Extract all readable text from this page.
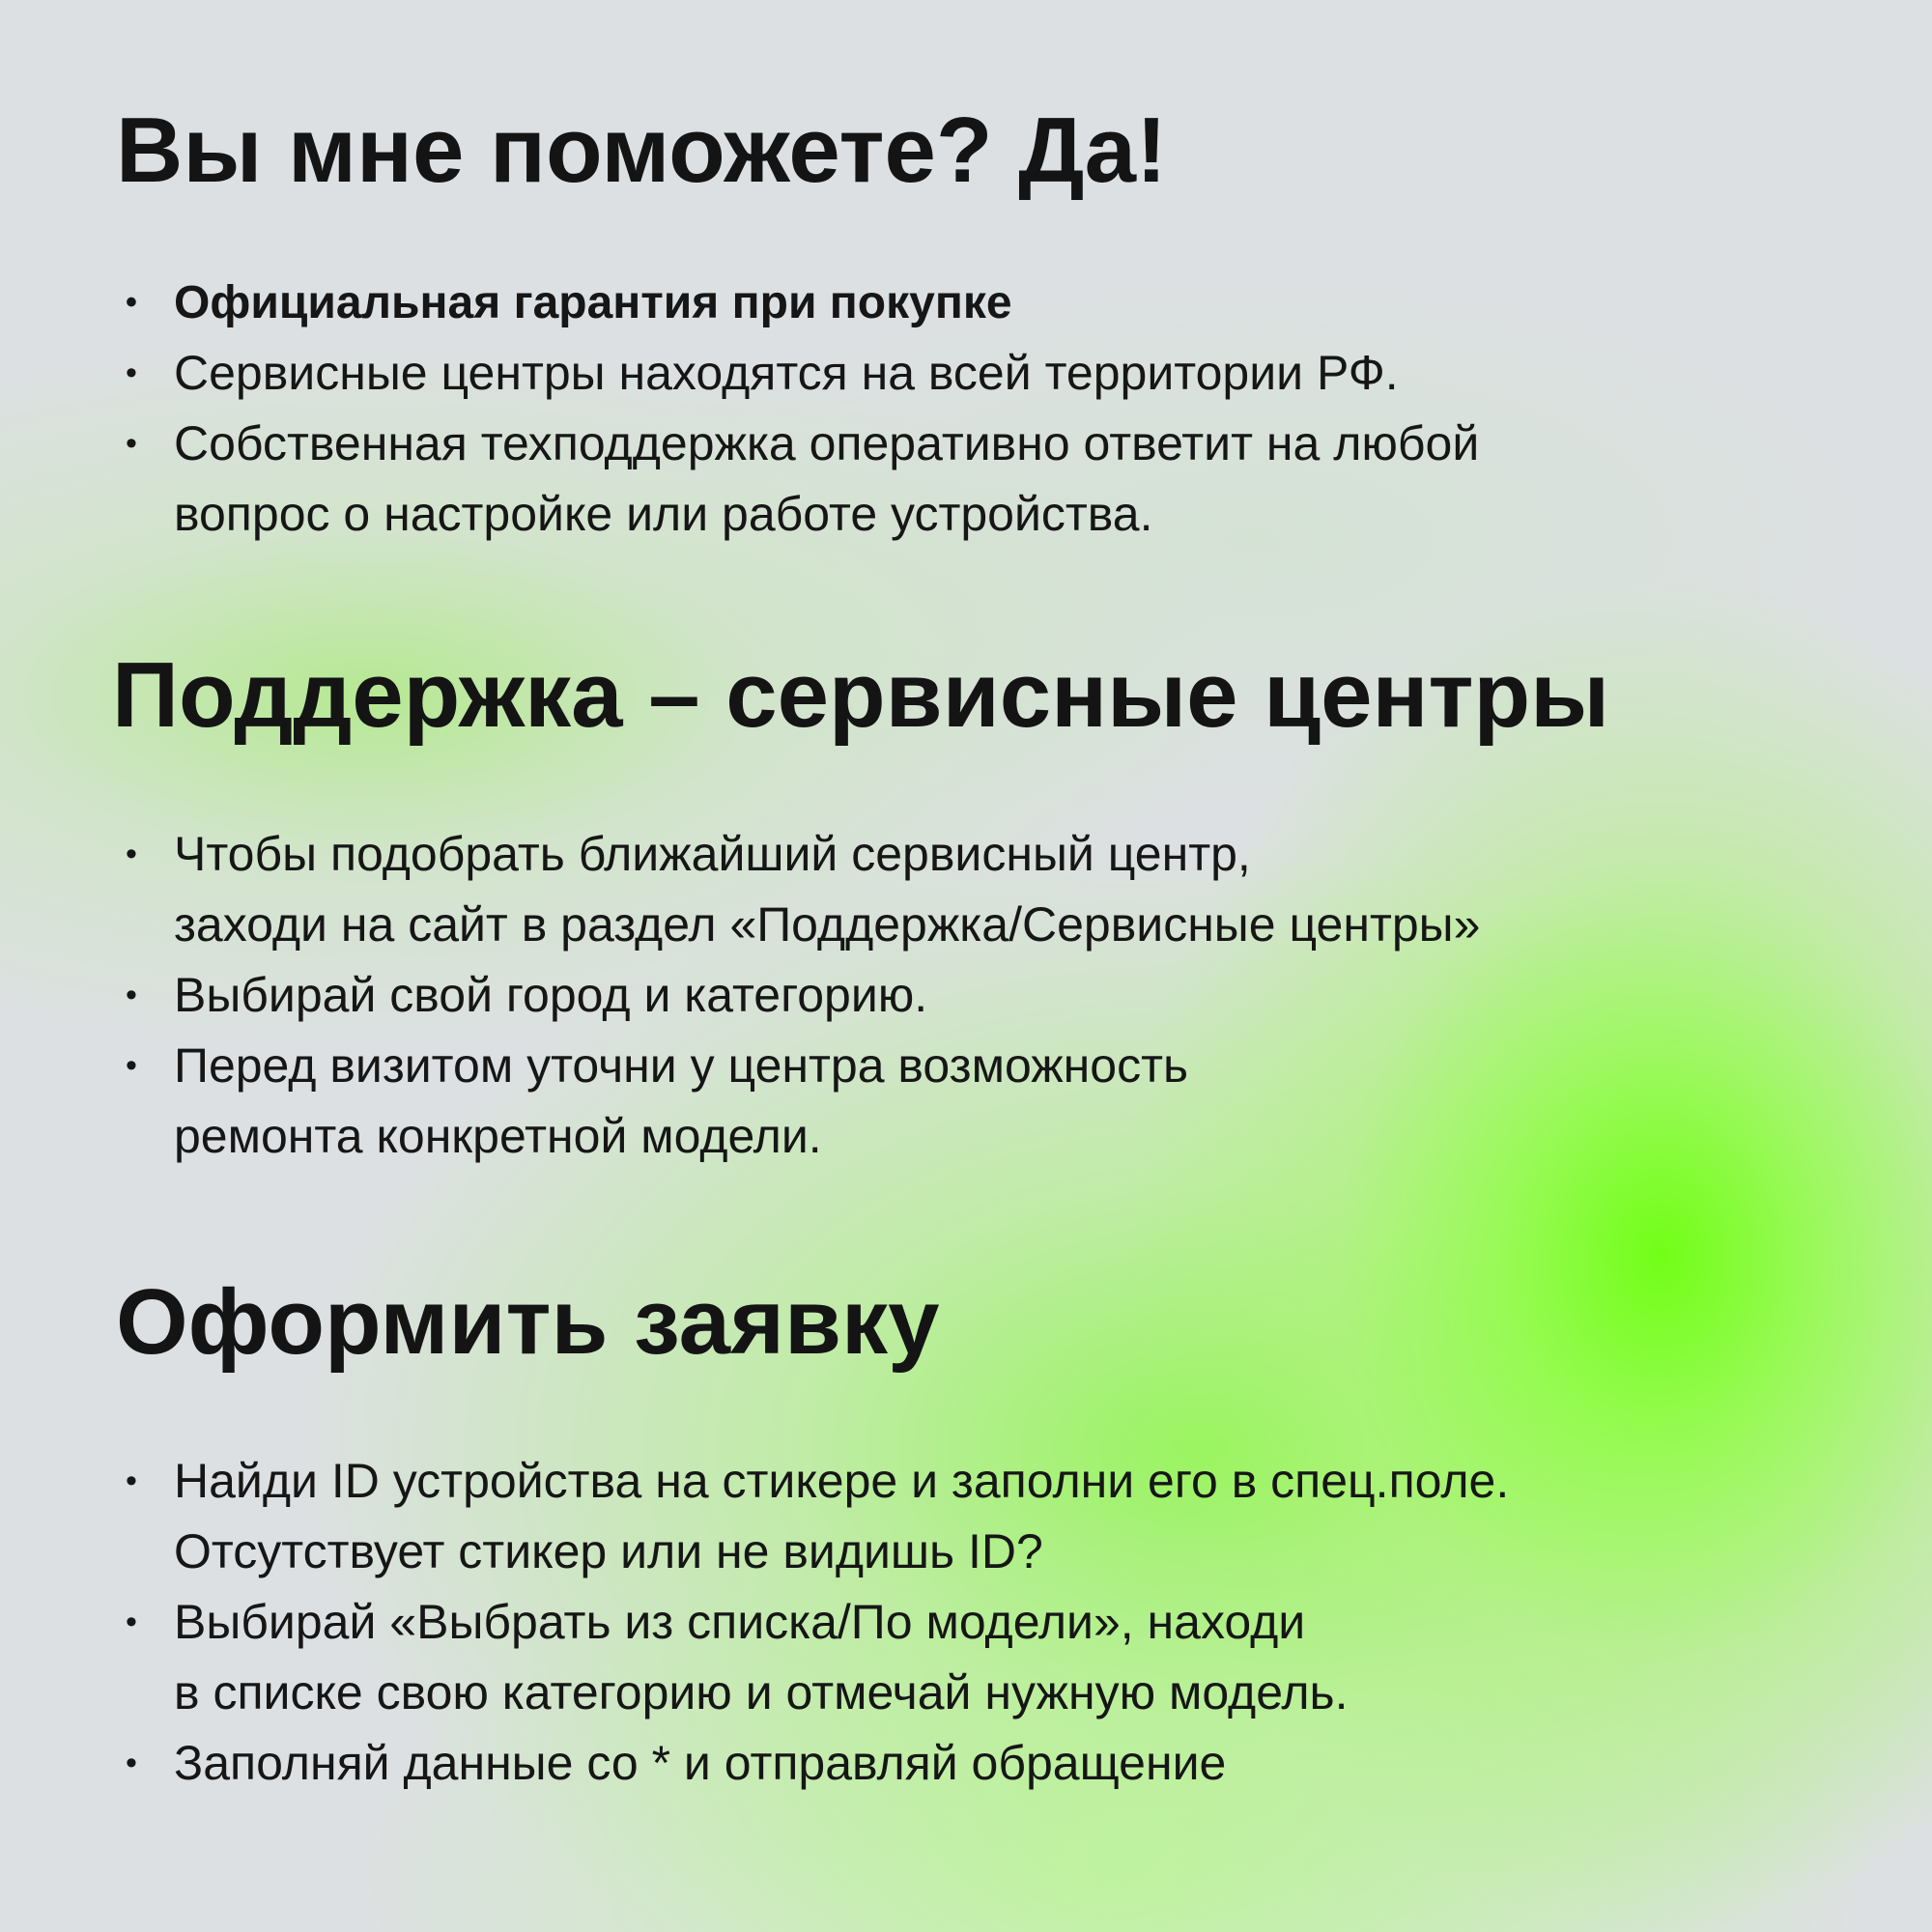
Вы мне поможете? Да!
• Официальная гарантия при покупке
• Сервисные центры находятся на всей территории РФ.
• Собственная техподдержка оперативно ответит на любой
вопрос о настройке или работе устройства.
Поддержка – сервисные центры
• Чтобы подобрать ближайший сервисный центр,
заходи на сайт в раздел «Поддержка/Сервисные центры»
• Выбирай свой город и категорию.
• Перед визитом уточни у центра возможность
ремонта конкретной модели.
Оформить заявку
• Найди ID устройства на стикере и заполни его в спец.поле.
Отсутствует стикер или не видишь ID?
• Выбирай «Выбрать из списка/По модели», находи
в списке свою категорию и отмечай нужную модель.
• Заполняй данные со * и отправляй обращение
